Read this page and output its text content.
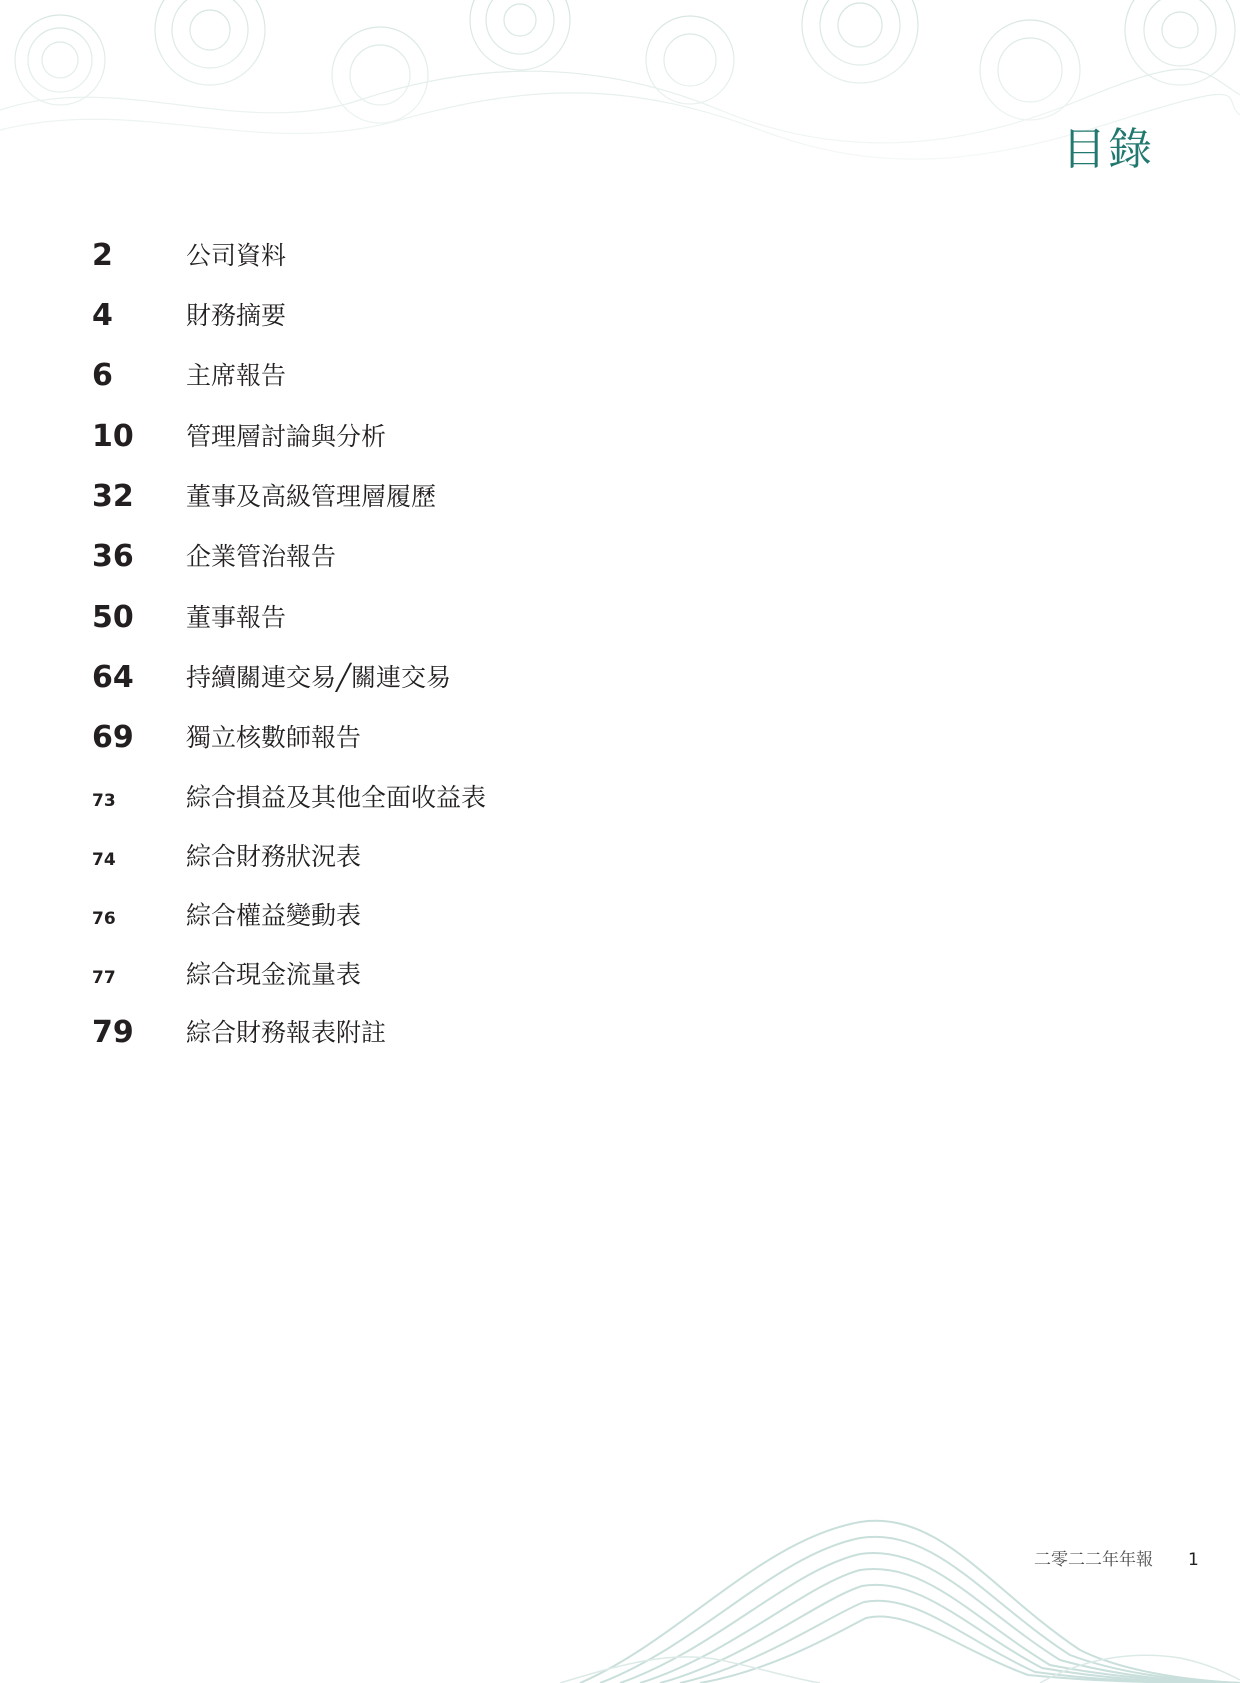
目錄
2	公司資料
4	財務摘要
6	主席報告
10 管理層討論與分析
32 董事及高級管理層履歷
36 企業管治報告
50 董事報告
64 持續關連交易╱關連交易
69 獨立核數師報告
73	綜合損益及其他全面收益表
74	綜合財務狀況表
76	綜合權益變動表
77	綜合現金流量表
79 綜合財務報表附註
二零二二年年報 1
